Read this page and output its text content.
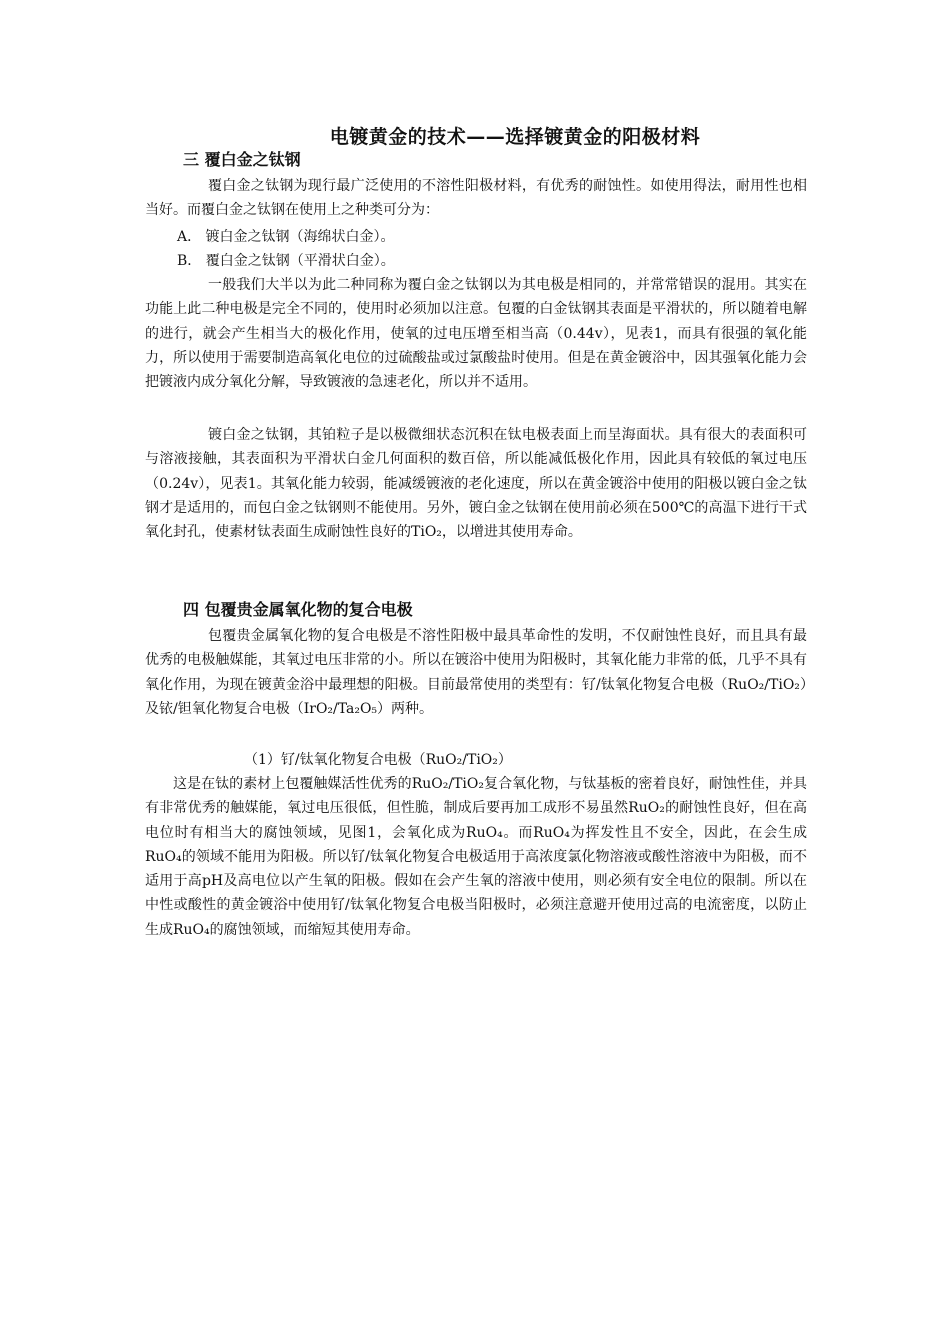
电镀黄金的技术——选择镀黄金的阳极材料
三 覆白金之钛钢

覆白金之钛钢为现行最广泛使用的不溶性阳极材料，有优秀的耐蚀性。如使用得法，耐用性也相当好。而覆白金之钛钢在使用上之种类可分为：

A． 镀白金之钛钢（海绵状白金）。

B． 覆白金之钛钢（平滑状白金）。

一般我们大半以为此二种同称为覆白金之钛钢以为其电极是相同的，并常常错误的混用。其实在功能上此二种电极是完全不同的，使用时必须加以注意。包覆的白金钛钢其表面是平滑状的，所以随着电解的进行，就会产生相当大的极化作用，使氧的过电压增至相当高（0.44v），见表1，而具有很强的氧化能力，所以使用于需要制造高氧化电位的过硫酸盐或过氯酸盐时使用。但是在黄金镀浴中，因其强氧化能力会把镀液内成分氧化分解，导致镀液的急速老化，所以并不适用。

镀白金之钛钢，其铂粒子是以极微细状态沉积在钛电极表面上而呈海面状。具有很大的表面积可与溶液接触，其表面积为平滑状白金几何面积的数百倍，所以能减低极化作用，因此具有较低的氧过电压（0.24v），见表1。其氧化能力较弱，能减缓镀液的老化速度，所以在黄金镀浴中使用的阳极以镀白金之钛钢才是适用的，而包白金之钛钢则不能使用。另外，镀白金之钛钢在使用前必须在500℃的高温下进行干式氧化封孔，使素材钛表面生成耐蚀性良好的TiO₂，以增进其使用寿命。

四 包覆贵金属氧化物的复合电极

包覆贵金属氧化物的复合电极是不溶性阳极中最具革命性的发明，不仅耐蚀性良好，而且具有最优秀的电极触媒能，其氧过电压非常的小。所以在镀浴中使用为阳极时，其氧化能力非常的低，几乎不具有氧化作用，为现在镀黄金浴中最理想的阳极。目前最常使用的类型有：钌/钛氧化物复合电极（RuO₂/TiO₂）及铱/钽氧化物复合电极（IrO₂/Ta₂O₅）两种。

（1）钌/钛氧化物复合电极（RuO₂/TiO₂）

这是在钛的素材上包覆触媒活性优秀的RuO₂/TiO₂复合氧化物，与钛基板的密着良好，耐蚀性佳，并具有非常优秀的触媒能，氧过电压很低，但性脆，制成后要再加工成形不易虽然RuO₂的耐蚀性良好，但在高电位时有相当大的腐蚀领域，见图1，会氧化成为RuO₄。而RuO₄为挥发性且不安全，因此，在会生成RuO₄的领域不能用为阳极。所以钌/钛氧化物复合电极适用于高浓度氯化物溶液或酸性溶液中为阳极，而不适用于高pH及高电位以产生氧的阳极。假如在会产生氧的溶液中使用，则必须有安全电位的限制。所以在中性或酸性的黄金镀浴中使用钌/钛氧化物复合电极当阳极时，必须注意避开使用过高的电流密度，以防止生成RuO₄的腐蚀领域，而缩短其使用寿命。
